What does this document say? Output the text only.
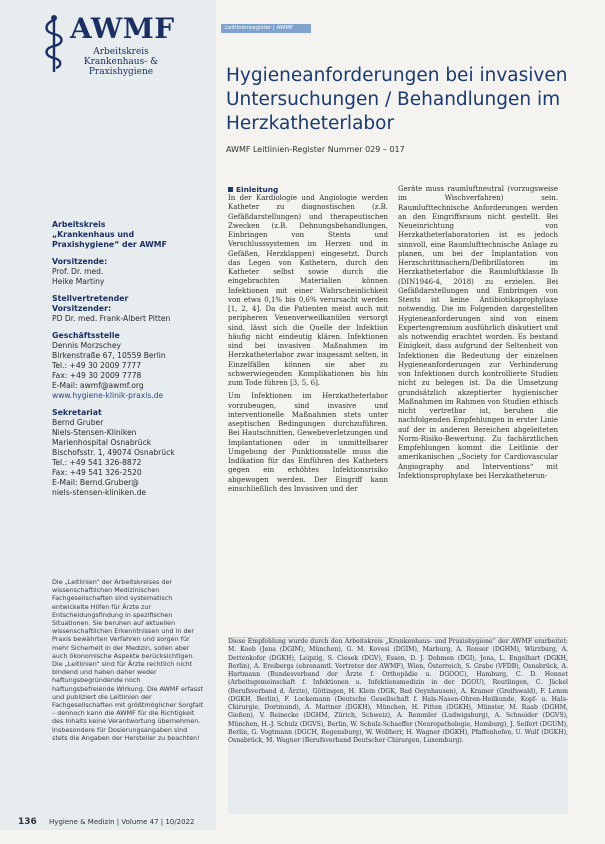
AWMF
Arbeitskreis
Krankenhaus- &
Praxishygiene
Arbeitskreis
„Krankenhaus und
Praxishygiene“ der AWMF
Vorsitzende:

Prof. Dr. med.

Heike Martiny

Stellvertretender
Vorsitzender:

PD Dr. med. Frank-Albert Pitten

Geschäftsstelle

Dennis Morzschey

Birkenstraße 67, 10559 Berlin

Tel.: +49 30 2009 7777

Fax: +49 30 2009 7778

E-Mail: awmf@awmf.org

www.hygiene-klinik-praxis.de

Sekretariat

Bernd Gruber

Niels-Stensen-Kliniken

Marienhospital Osnabrück

Bischofsstr. 1, 49074 Osnabrück

Tel.: +49 541 326-8872

Fax: +49 541 326-2520

E-Mail: Bernd.Gruber@

niels-stensen-kliniken.de

Die „Leitlinien“ der Arbeitskreises der wissenschaftlichen Medizinischen Fachgesellschaften sind systematisch entwickelte Hilfen für Ärzte zur Entscheidungsfindung in spezifischen Situationen. Sie beruhen auf aktuellen wissenschaftlichen Erkenntnissen und in der Praxis bewährten Verfahren und sorgen für mehr Sicherheit in der Medizin, sollen aber auch ökonomische Aspekte berücksichtigen. Die „Leitlinien“ sind für Ärzte rechtlich nicht bindend und haben daher weder haftungsbegründende noch haftungsbefreiende Wirkung. Die AWMF erfasst und publiziert die Leitlinien der Fachgesellschaften mit größtmöglicher Sorgfalt – dennoch kann die AWMF für die Richtigkeit des Inhalts keine Verantwortung übernehmen. Insbesondere für Dosierungsangaben sind stets die Angaben der Hersteller zu beachten!
136 Hygiene & Medizin | Volume 47 | 10/2022
Leitlinienregister | AWMF
Hygieneanforderungen bei invasiven Untersuchungen / Behandlungen im Herzkatheterlabor
AWMF Leitlinien-Register Nummer 029 – 017
Einleitung

In der Kardiologie und Angiologie werden Katheter zu diagnostischen (z.B. Gefäßdarstellungen) und therapeutischen Zwecken (z.B. Dehnungsbehandlungen, Einbringen von Stents und Verschlusssystemen im Herzen und in Gefäßen, Herzklappen) eingesetzt. Durch das Legen von Kathetern, durch den Katheter selbst sowie durch die eingebrachten Materialien können Infektionen mit einer Wahrscheinlichkeit von etwa 0,1% bis 0,6% verursacht werden [1, 2, 4]. Da die Patienten meist auch mit peripheren Venenverweilkanülen versorgt sind, lässt sich die Quelle der Infektion häufig nicht eindeutig klären. Infektionen sind bei invasiven Maßnahmen im Herzkatheterlabor zwar insgesamt selten, in Einzelfällen können sie aber zu schwerwiegenden Komplikationen bis hin zum Tode führen [3, 5, 6].

Um Infektionen im Herzkatheterlabor vorzubeugen, sind invasive und interventionelle Maßnahmen stets unter aseptischen Bedingungen durchzuführen. Bei Hautschnitten, Gewebeverletzungen und Implantationen oder in unmittelbarer Umgebung der Punktionsstelle muss die Indikation für das Einführen des Katheters gegen ein erhöhtes Infektionsrisiko abgewogen werden. Der Eingriff kann einschließlich des Invasiven und der

Geräte muss raumluftneutral (vorzugsweise im Wischverfahren) sein. Raumlufttechnische Anforderungen werden an den Eingriffsraum nicht gestellt. Bei Neueinrichtung von Herzkatheterlaboratorien ist es jedoch sinnvoll, eine Raumlufttechnische Anlage zu planen, um bei der Implantation von Herzschrittmachern/Defibrillatoren im Herzkatheterlabor die Raumluftklasse Ib (DIN1946-4, 2018) zu erzielen. Bei Gefäßdarstellungen und Einbringen von Stents ist keine Antibiotikaprophylaxe notwendig. Die im Folgenden dargestellten Hygieneanforderungen sind von einem Expertengremium ausführlich diskutiert und als notwendig erachtet worden. Es bestand Einigkeit, dass aufgrund der Seltenheit von Infektionen die Bedeutung der einzelnen Hygieneanforderungen zur Verhinderung von Infektionen durch kontrollierte Studien nicht zu belegen ist. Da die Umsetzung grundsätzlich akzeptierter hygienischer Maßnahmen im Rahmen von Studien ethisch nicht vertretbar ist, beruhen die nachfolgenden Empfehlungen in erster Linie auf der in anderen Bereichen abgeleiteten Norm-Risiko-Bewertung. Zu fachärztlichen Empfehlungen kommt die Leitlinie der amerikanischen „Society for Cardiovascular Angiography and Interventions“ mit Infektionsprophylaxe bei Herzkatheterun-

Diese Empfehlung wurde durch den Arbeitskreis „Krankenhaus- und Praxishygiene“ der AWMF erarbeitet: M. Koeb (Jena (DGIM), München), G. M. Kovesi (DGIM), Marburg, A. Ronser (DGHM), Würzburg, A. Dettenkofer (DGKH), Leipzig, S. Ciesek (DGV), Essen, D. J. Dohmen (DGI), Jena, L. Engelhart (DGKH, Berlin), A. Ereibergs (ehrenamtl. Vertreter der AWMF), Wien, Österreich, S. Grabe (VFDB), Osnabrück, A. Hartmann (Bundesverband der Ärzte f. Orthopädie u. DGOOC), Hamburg, C. D. Honnet (Arbeitsgemeinschaft f. Infektionen u. Infektionsmedizin in der DGOU), Reutlingen, C. Jäckel (Berufsverband d. Ärzte), Göttingen, H. Klein (DGK, Bad Oeynhausen), A. Kramer (Greifswald), F. Lemm (DGKH, Berlin), F. Lockemann (Deutsche Gesellschaft f. Hals-Nasen-Ohren-Heilkunde, Kopf- u. Hals-Chirurgie, Dortmund), A. Mattner (DGKH), München, H. Pitten (DGKH), Münster, M. Raab (DGHM, Gießen), V. Reinecke (DGHM, Zürich, Schweiz), A. Remmler (Ludwigsburg), A. Schneider (DGVS), München, H.-J. Schulz (DGVS), Berlin, W. Schulz-Schaeffer (Neuropathologie, Homburg), J. Seifert (DGUM), Berlin, G. Vogtmann (DGCH, Regensburg), W. Wollherr, H. Wagner (DGKH), Pfaffenhofen, U. Wulf (DGKH), Osnabrück, M. Wagner (Berufsverband Deutscher Chirurgen, Luxemburg).
